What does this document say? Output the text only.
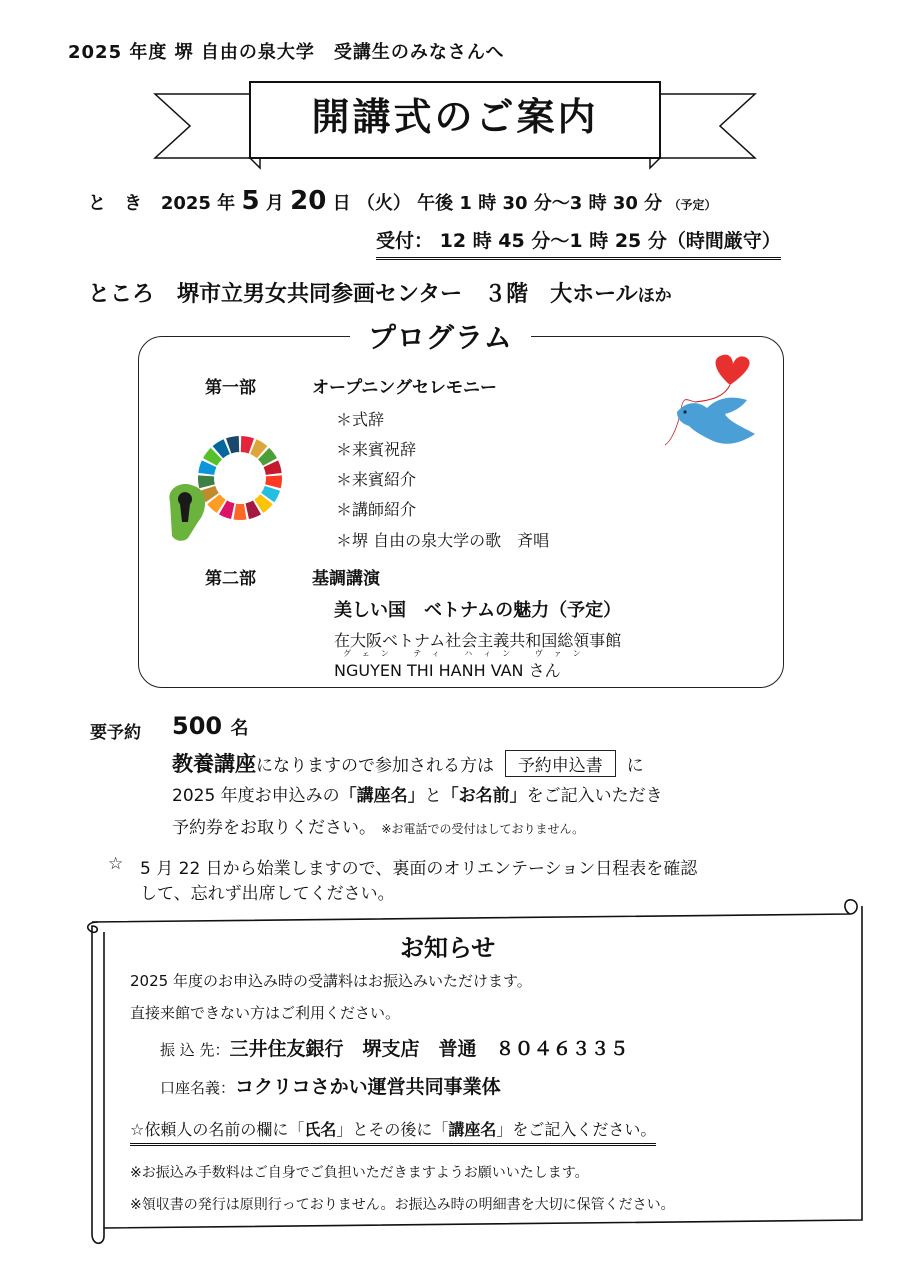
2025 年度 堺 自由の泉大学　受講生のみなさんへ
開講式のご案内
と　き 2025 年 5 月 20 日 （火） 午後 1 時 30 分～3 時 30 分 （予定）
受付： 12 時 45 分～1 時 25 分（時間厳守）
ところ 堺市立男女共同参画センター　３階　大ホールほか
プログラム
第一部	オープニングセレモニー
＊式辞
＊来賓祝辞
＊来賓紹介
＊講師紹介
＊堺 自由の泉大学の歌　斉唱
第二部	基調講演
美しい国　ベトナムの魅力（予定）
在大阪ベトナム社会主義共和国総領事館
グェン ティ ハィン ヴァン
NGUYEN THI HANH VAN さん
要予約 500 名
教養講座になりますので参加される方は 予約申込書 に
2025 年度お申込みの「講座名」と「お名前」をご記入いただき
予約券をお取りください。 ※お電話での受付はしておりません。
☆ 5 月 22 日から始業しますので、裏面のオリエンテーション日程表を確認
して、忘れず出席してください。
お知らせ
2025 年度のお申込み時の受講料はお振込みいただけます。
直接来館できない方はご利用ください。
振 込 先：三井住友銀行　堺支店　普通　８０４６３３５
口座名義：コクリコさかい運営共同事業体
☆依頼人の名前の欄に「氏名」とその後に「講座名」をご記入ください。
※お振込み手数料はご自身でご負担いただきますようお願いいたします。
※領収書の発行は原則行っておりません。お振込み時の明細書を大切に保管ください。
